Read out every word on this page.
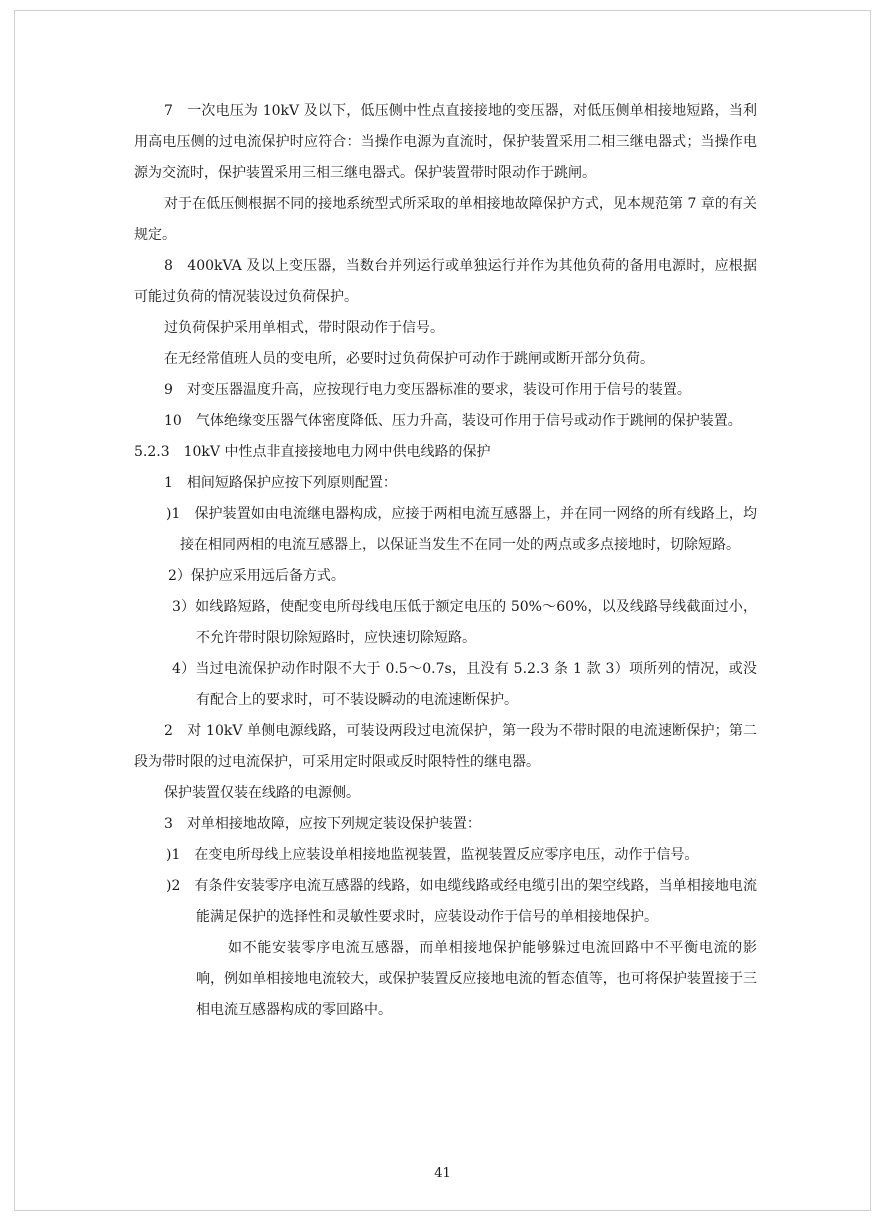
7　一次电压为 10kV 及以下，低压侧中性点直接接地的变压器，对低压侧单相接地短路，当利用高电压侧的过电流保护时应符合：当操作电源为直流时，保护装置采用二相三继电器式；当操作电源为交流时，保护装置采用三相三继电器式。保护装置带时限动作于跳闸。

对于在低压侧根据不同的接地系统型式所采取的单相接地故障保护方式，见本规范第 7 章的有关规定。

8　400kVA 及以上变压器，当数台并列运行或单独运行并作为其他负荷的备用电源时，应根据可能过负荷的情况装设过负荷保护。

过负荷保护采用单相式，带时限动作于信号。

在无经常值班人员的变电所，必要时过负荷保护可动作于跳闸或断开部分负荷。

9　对变压器温度升高，应按现行电力变压器标准的要求，装设可作用于信号的装置。

10　气体绝缘变压器气体密度降低、压力升高，装设可作用于信号或动作于跳闸的保护装置。

5.2.3　10kV 中性点非直接接地电力网中供电线路的保护

1　相间短路保护应按下列原则配置：

)1　保护装置如由电流继电器构成，应接于两相电流互感器上，并在同一网络的所有线路上，均接在相同两相的电流互感器上，以保证当发生不在同一处的两点或多点接地时，切除短路。

2）保护应采用远后备方式。

3）如线路短路，使配变电所母线电压低于额定电压的 50%～60%，以及线路导线截面过小，不允许带时限切除短路时，应快速切除短路。

4）当过电流保护动作时限不大于 0.5～0.7s，且没有 5.2.3 条 1 款 3）项所列的情况，或没有配合上的要求时，可不装设瞬动的电流速断保护。

2　对 10kV 单侧电源线路，可装设两段过电流保护，第一段为不带时限的电流速断保护；第二段为带时限的过电流保护，可采用定时限或反时限特性的继电器。

保护装置仅装在线路的电源侧。

3　对单相接地故障，应按下列规定装设保护装置：

)1　在变电所母线上应装设单相接地监视装置，监视装置反应零序电压，动作于信号。

)2　有条件安装零序电流互感器的线路，如电缆线路或经电缆引出的架空线路，当单相接地电流能满足保护的选择性和灵敏性要求时，应装设动作于信号的单相接地保护。

如不能安装零序电流互感器，而单相接地保护能够躲过电流回路中不平衡电流的影响，例如单相接地电流较大，或保护装置反应接地电流的暂态值等，也可将保护装置接于三相电流互感器构成的零回路中。

41
